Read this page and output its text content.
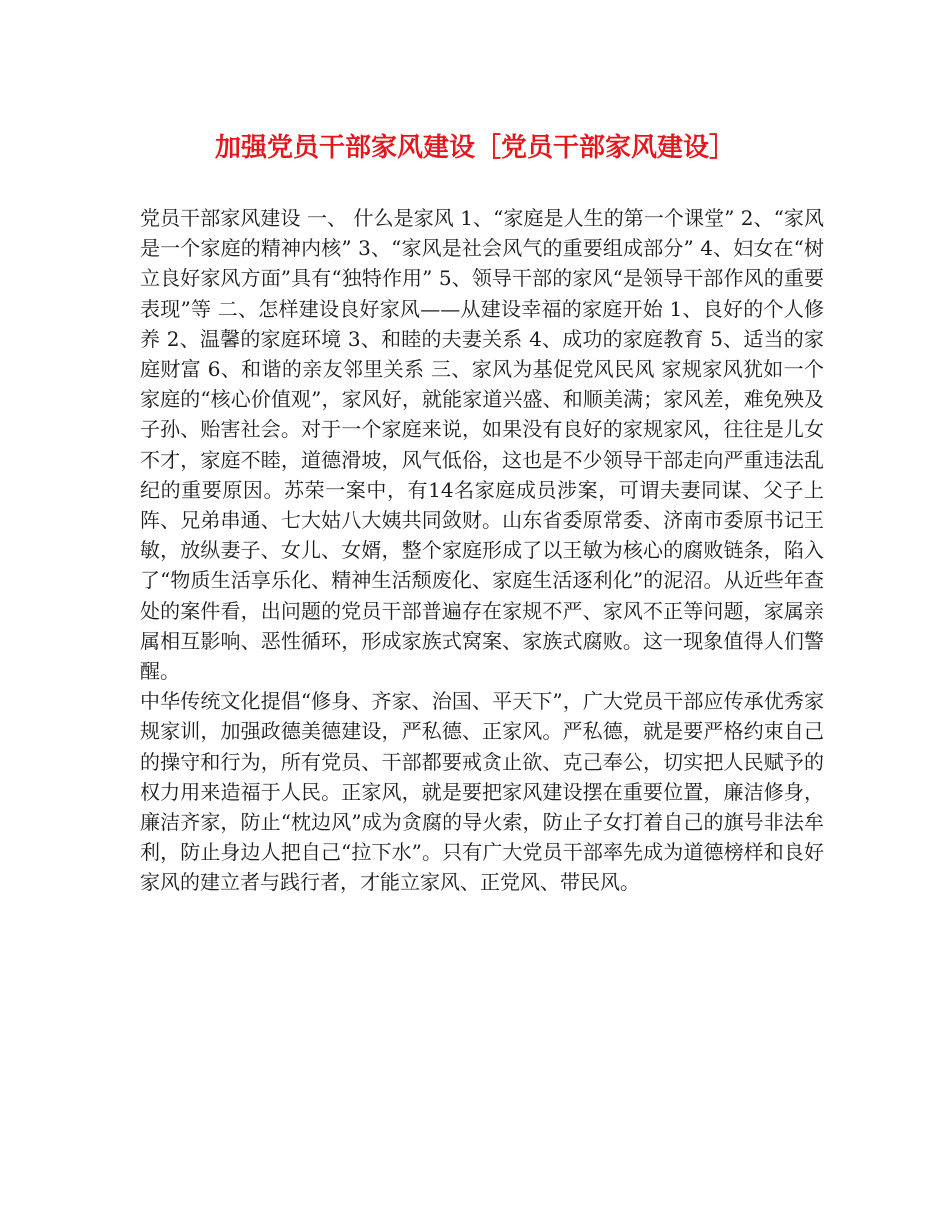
加强党员干部家风建设［党员干部家风建设］

党员干部家风建设 一、 什么是家风 1、“家庭是人生的第一个课堂” 2、“家风是一个家庭的精神内核” 3、“家风是社会风气的重要组成部分” 4、妇女在“树立良好家风方面”具有“独特作用” 5、领导干部的家风“是领导干部作风的重要表现”等 二、怎样建设良好家风——从建设幸福的家庭开始 1、良好的个人修养 2、温馨的家庭环境 3、和睦的夫妻关系 4、成功的家庭教育 5、适当的家庭财富 6、和谐的亲友邻里关系 三、家风为基促党风民风 家规家风犹如一个家庭的“核心价值观”，家风好，就能家道兴盛、和顺美满；家风差，难免殃及子孙、贻害社会。对于一个家庭来说，如果没有良好的家规家风，往往是儿女不才，家庭不睦，道德滑坡，风气低俗，这也是不少领导干部走向严重违法乱纪的重要原因。苏荣一案中，有14名家庭成员涉案，可谓夫妻同谋、父子上阵、兄弟串通、七大姑八大姨共同敛财。山东省委原常委、济南市委原书记王敏，放纵妻子、女儿、女婿，整个家庭形成了以王敏为核心的腐败链条，陷入了“物质生活享乐化、精神生活颓废化、家庭生活逐利化”的泥沼。从近些年查处的案件看，出问题的党员干部普遍存在家规不严、家风不正等问题，家属亲属相互影响、恶性循环，形成家族式窝案、家族式腐败。这一现象值得人们警醒。

中华传统文化提倡“修身、齐家、治国、平天下”，广大党员干部应传承优秀家规家训，加强政德美德建设，严私德、正家风。严私德，就是要严格约束自己的操守和行为，所有党员、干部都要戒贪止欲、克己奉公，切实把人民赋予的权力用来造福于人民。正家风，就是要把家风建设摆在重要位置，廉洁修身，廉洁齐家，防止“枕边风”成为贪腐的导火索，防止子女打着自己的旗号非法牟利，防止身边人把自己“拉下水”。只有广大党员干部率先成为道德榜样和良好家风的建立者与践行者，才能立家风、正党风、带民风。
